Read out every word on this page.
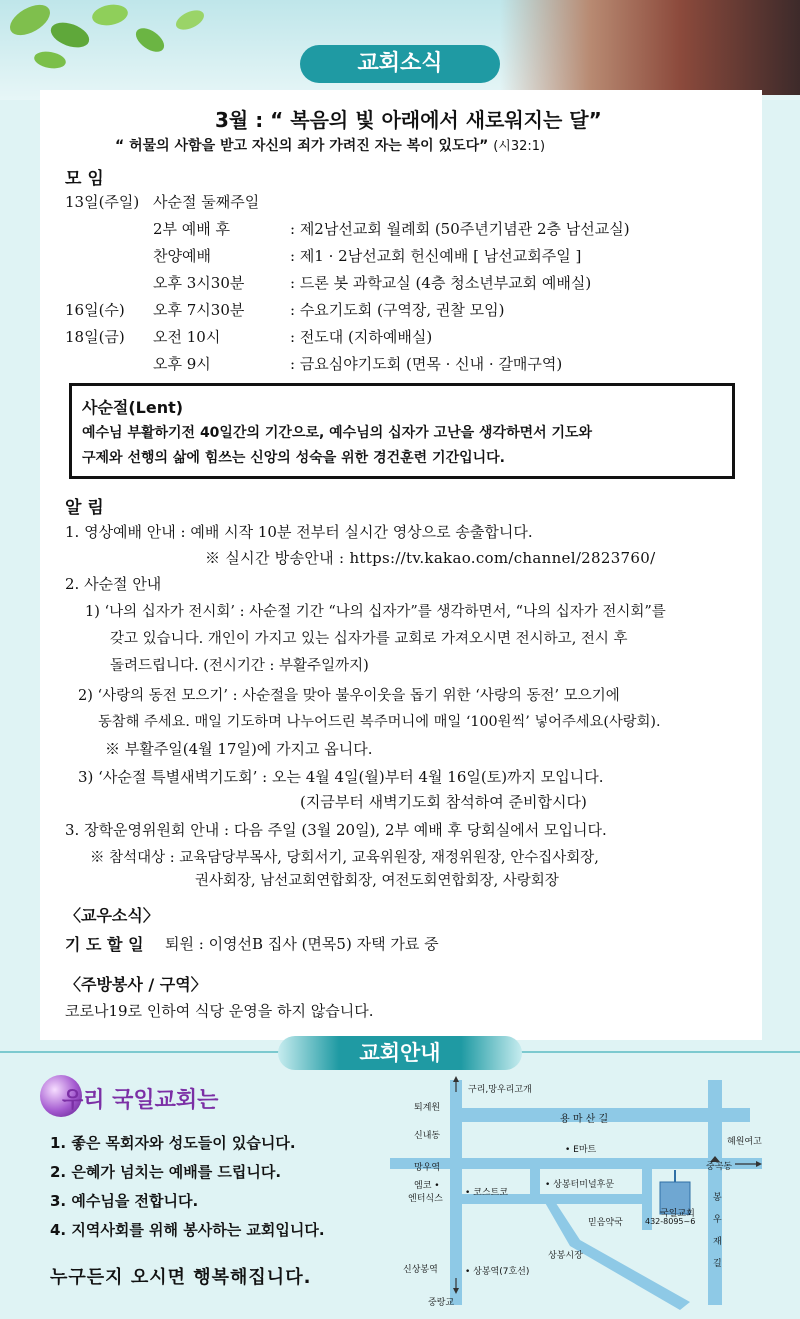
교회소식
3월 : “ 복음의 빛 아래에서 새로워지는 달”
“ 허물의 사함을 받고 자신의 죄가 가려진 자는 복이 있도다” (시32:1)
모 임
13일(주일) 사순절 둘째주일
2부 예배 후	: 제2남선교회 월례회 (50주년기념관 2층 남선교실)
찬양예배	: 제1 · 2남선교회 헌신예배 [ 남선교회주일 ]
오후 3시30분	: 드론 봇 과학교실 (4층 청소년부교회 예배실)
16일(수) 오후 7시30분	: 수요기도회 (구역장, 권찰 모임)
18일(금) 오전 10시	: 전도대 (지하예배실)
오후 9시	: 금요심야기도회 (면목 · 신내 · 갈매구역)
사순절(Lent)
예수님 부활하기전 40일간의 기간으로, 예수님의 십자가 고난을 생각하면서 기도와
구제와 선행의 삶에 힘쓰는 신앙의 성숙을 위한 경건훈련 기간입니다.
알 림
1. 영상예배 안내 : 예배 시작 10분 전부터 실시간 영상으로 송출합니다.
※ 실시간 방송안내 : https://tv.kakao.com/channel/2823760/
2. 사순절 안내
1) ‘나의 십자가 전시회’ : 사순절 기간 “나의 십자가”를 생각하면서, “나의 십자가 전시회”를
갖고 있습니다. 개인이 가지고 있는 십자가를 교회로 가져오시면 전시하고, 전시 후
돌려드립니다. (전시기간 : 부활주일까지)
2) ‘사랑의 동전 모으기’ : 사순절을 맞아 불우이웃을 돕기 위한 ‘사랑의 동전’ 모으기에
동참해 주세요. 매일 기도하며 나누어드린 복주머니에 매일 ‘100원씩’ 넣어주세요(사랑회).
※ 부활주일(4월 17일)에 가지고 옵니다.
3) ‘사순절 특별새벽기도회’ : 오는 4월 4일(월)부터 4월 16일(토)까지 모입니다.
(지금부터 새벽기도회 참석하여 준비합시다)
3. 장학운영위원회 안내 : 다음 주일 (3월 20일), 2부 예배 후 당회실에서 모입니다.
※ 참석대상 : 교육담당부목사, 당회서기, 교육위원장, 재정위원장, 안수집사회장,
권사회장, 남선교회연합회장, 여전도회연합회장, 사랑회장
〈교우소식〉
기 도 할 일 퇴원 : 이영선B 집사 (면목5) 자택 가료 중
〈주방봉사 / 구역〉
코로나19로 인하여 식당 운영을 하지 않습니다.
교회안내
우리 국일교회는
1. 좋은 목회자와 성도들이 있습니다.
2. 은혜가 넘치는 예배를 드립니다.
3. 예수님을 전합니다.
4. 지역사회를 위해 봉사하는 교회입니다.
누구든지 오시면 행복해집니다.
구리,망우리고개
퇴계원
용 마 산 길
신내동
• E마트
혜원여고
망우역	중곡동
엠코 •
엔터식스
• 코스트코
• 상봉터미널후문
국일교회
432-8095~6
봉
우
재
길
믿음약국
상봉시장
신상봉역	• 상봉역(7호선)
중랑교
